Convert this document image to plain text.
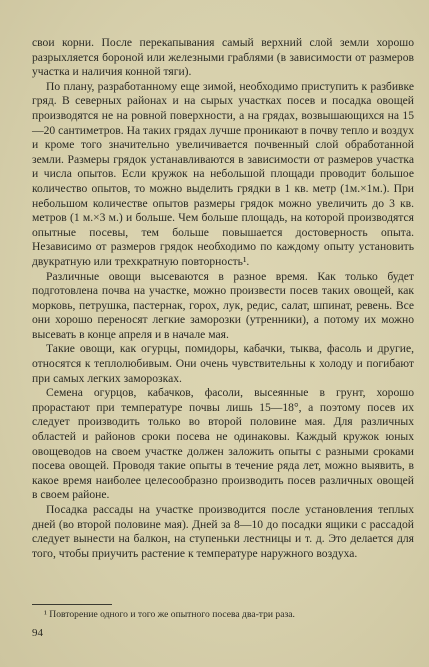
свои корни. После перекапывания самый верхний слой земли хорошо разрыхляется бороной или железными граблями (в зависимости от размеров участка и наличия конной тяги).

По плану, разработанному еще зимой, необходимо приступить к разбивке гряд. В северных районах и на сырых участках посев и посадка овощей производятся не на ровной поверхности, а на грядах, возвышающихся на 15—20 сантиметров. На таких грядах лучше проникают в почву тепло и воздух и кроме того значительно увеличивается почвенный слой обработанной земли. Размеры грядок устанавливаются в зависимости от размеров участка и числа опытов. Если кружок на небольшой площади проводит большое количество опытов, то можно выделить грядки в 1 кв. метр (1м.×1м.). При небольшом количестве опытов размеры грядок можно увеличить до 3 кв. метров (1 м.×3 м.) и больше. Чем больше площадь, на которой производятся опытные посевы, тем больше повышается достоверность опыта. Независимо от размеров грядок необходимо по каждому опыту установить двукратную или трехкратную повторность¹.

Различные овощи высеваются в разное время. Как только будет подготовлена почва на участке, можно произвести посев таких овощей, как морковь, петрушка, пастернак, горох, лук, редис, салат, шпинат, ревень. Все они хорошо переносят легкие заморозки (утренники), а потому их можно высевать в конце апреля и в начале мая.

Такие овощи, как огурцы, помидоры, кабачки, тыква, фасоль и другие, относятся к теплолюбивым. Они очень чувствительны к холоду и погибают при самых легких заморозках.

Семена огурцов, кабачков, фасоли, высеянные в грунт, хорошо прорастают при температуре почвы лишь 15—18°, а поэтому посев их следует производить только во второй половине мая. Для различных областей и районов сроки посева не одинаковы. Каждый кружок юных овощеводов на своем участке должен заложить опыты с разными сроками посева овощей. Проводя такие опыты в течение ряда лет, можно выявить, в какое время наиболее целесообразно производить посев различных овощей в своем районе.

Посадка рассады на участке производится после установления теплых дней (во второй половине мая). Дней за 8—10 до посадки ящики с рассадой следует вынести на балкон, на ступеньки лестницы и т. д. Это делается для того, чтобы приучить растение к температуре наружного воздуха.

¹ Повторение одного и того же опытного посева два-три раза.
94
